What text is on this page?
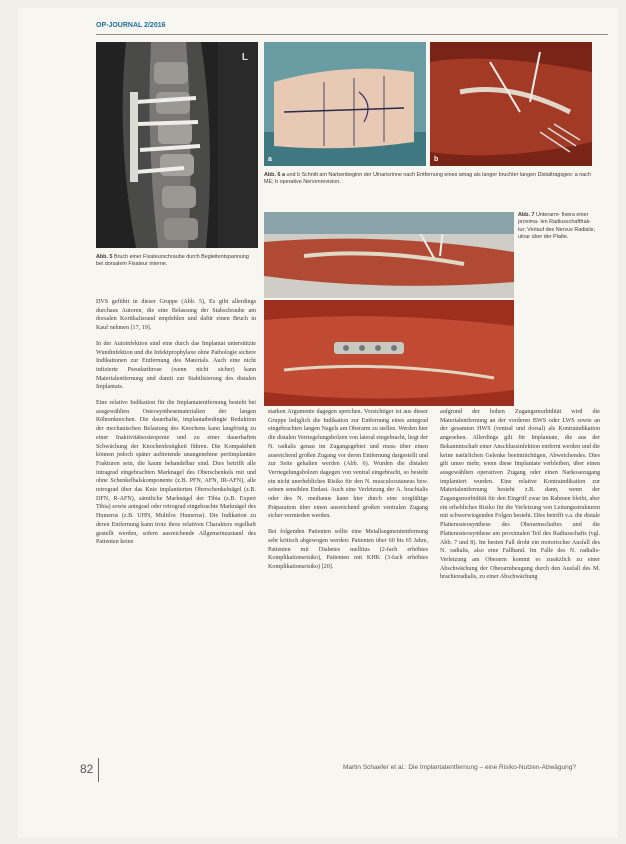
OP-JOURNAL 2/2016
L
Abb. 5 Bruch einer Fixateurschraube durch Begleitentspannung bei dorsalem Fixateur interne.
a	b
Abb. 6 a und b Schnitt am Narbenbeginn der Ulnarisrinne nach Entfernung eines amag als langer bruchter langen Distaltragsges: a nach ME; b operative Nervenrevision.
Abb. 7 Unterarm- fixera einer proxima- len Radiusschaftfrak- tur; Verlauf des Nervus Radialis; ulnar über der Platte.

DVS geführt in dieser Gruppe (Abb. 5), Es gibt allerdings durchaus Autoren, die eine Belassung der Stabschraube am dorsalen Kortikalisrand empfehlen und dafür einen Bruch in Kauf nehmen [17, 19].

In der Autoinfektion sind eine durch das Implantat unterstützte Wundinfektion und die Infektprophylaxe ohne Pathologie sichere Indikationen zur Entfernung des Materials. Auch eine nicht infizierte Pseudarthrose (wenn nicht sicher) kann Materialentfernung und damit zur Stabilisierung des distalen Implantats.

Eine relative Indikation für die Implantatentfernung besteht bei ausgewählten Osteosynthesematerialien der langen Röhrenknochen. Die dauerhafte, implantatbedingte Reduktion der mechanischen Belastung des Knochens kann langfristig zu einer Inaktivitätsosteopenie und zu einer dauerhaften Schwächung der Knochenfestigkeit führen. Die Kompaktheit können jedoch später auftretende unangenehme periimplantäre Frakturen sein, die kaum behandelbar sind. Dies betrifft alle intragrad eingebrachten Marknagel des Oberschenkels mit und ohne Schenkelhalskomponente (z.B. PFN, AFN, IR-AFN), alle retrograd über das Knie implantierten Oberschenkelnägel (z.B. DFN, R-AFN), sämtliche Marknägel der Tibia (z.B. Expert Tibia) sowie antegrad oder retrograd eingebrachte Marknägel des Humerus (z.B. UHN, Multiloc Humerus). Die Indikation zu deren Entfernung kann trotz ihres relativen Charakters regelhaft gestellt werden, sofern ausreichende Allgemeinzustand des Patienten keine

starken Argumente dagegen sprechen. Vorsichtiger ist aus dieser Gruppe lediglich die Indikation zur Entfernung eines antegrad eingebrachten langen Nagels am Oberarm zu stellen. Werden hier die distalen Verriegelungsbolzen von lateral eingebracht, liegt der N. radialis genau im Zugangsgebiet und muss über einen ausreichend großen Zugang vor deren Entfernung dargestellt und zur Seite gehalten werden (Abb. 6). Wurden die distalen Verriegelungsbolzen dagegen von ventral eingebracht, so besteht ein nicht unerhebliches Risiko für den N. musculocutaneus bzw. seinen sensiblen Endast. Auch eine Verletzung der A. brachialis oder des N. medianus kann hier durch eine sorgfältige Präparation über einen ausreichend großen ventralen Zugang sicher vermieden werden.

Bei folgenden Patienten sollte eine Metallsegmententfernung sehr kritisch abgewogen werden: Patienten über 60 bis 65 Jahre, Patienten mit Diabetes mellitus (2-fach erhöhtes Komplikationsrisiko), Patienten mit KHK (3-fach erhöhtes Komplikationsrisiko) [20].

aufgrund der hohen Zugangsmorbidität wird die Materialentfernung an der vorderen BWS oder LWS sowie an der gesamten HWS (ventral und dorsal) als Kontraindikation angesehen. Allerdings gilt für Implantate, die aus der Bekannntschaft einer Anschlussinfektion entfernt werden und die keine natürlichen Gelenke beeinträchtigen, Abweichendes. Dies gilt umso mehr, wenn diese Implantate verbleiben, über einen ausgewählten operativen Zugang oder einen Narkosezugang implantiert wurden. Eine relative Kontraindikation zur Materialentfernung besteht z.B. dann, wenn der Zugangsmorbidität für den Eingriff zwar im Rahmen bleibt, aber ein erhebliches Risiko für die Verletzung von Leitungsstrukturen mit schwerwiegenden Folgen besteht. Dies betrifft v.a. die distale Plattenosteosynthese des Oberarmschaftes und die Plattenosteosynthese am proximalen Teil des Radiusschafts (vgl. Abb. 7 und 8). Im besten Fall droht ein motorischer Ausfall des N. radialis, also eine Fallhand. Im Falle des N. radialis-Verletzung am Oberarm kommt es zusätzlich zu einer Abschwächung der Oberarmbeugung durch den Ausfall des M. brachioradialis, zu einer Abschwächung

82	Martin Schaefer et al.: Die Implantatentfernung – eine Risiko-Nutzen-Abwägung?
